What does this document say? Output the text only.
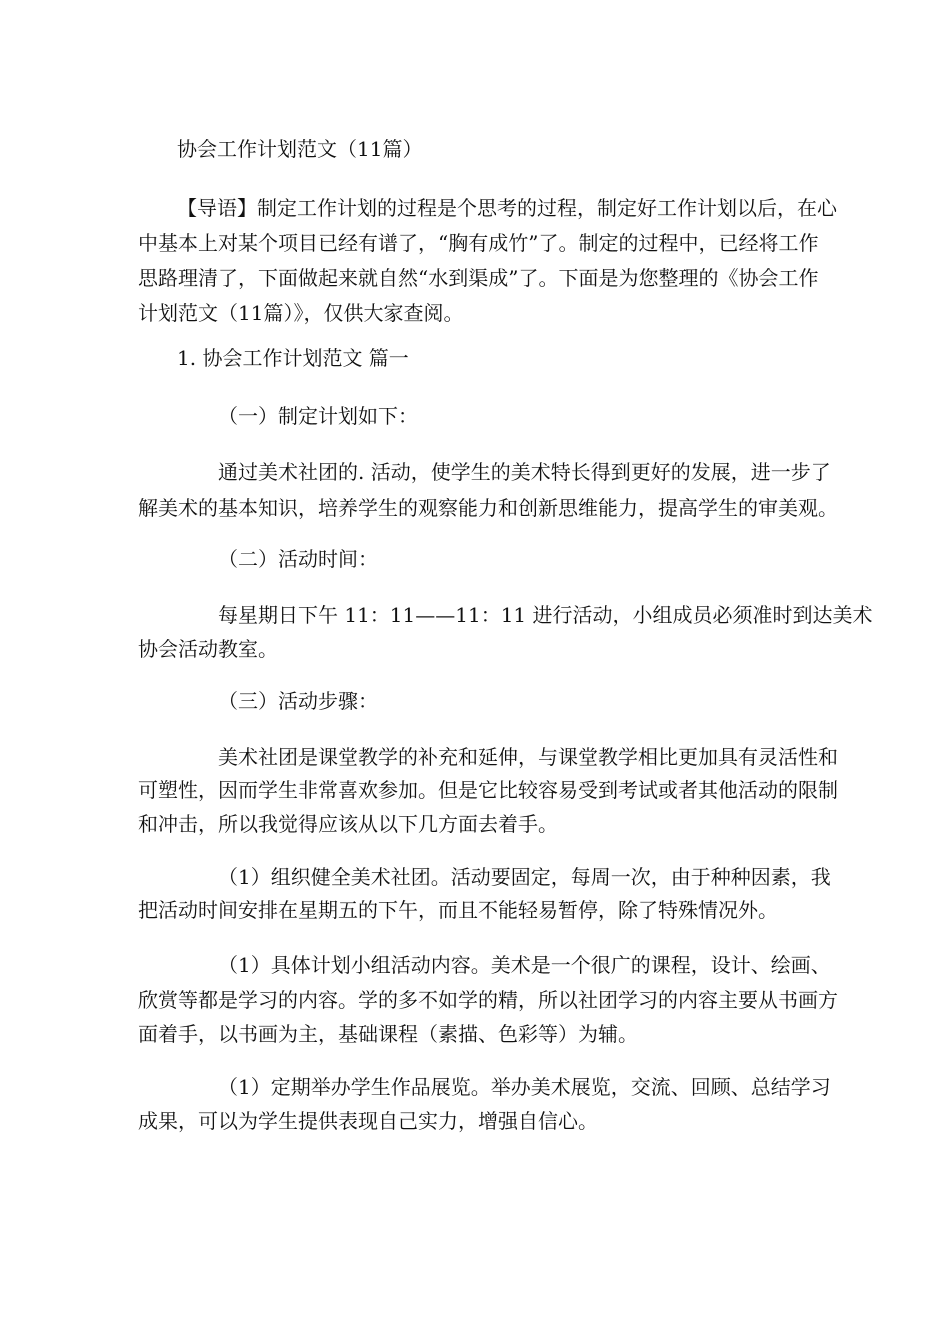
协会工作计划范文（11篇）
【导语】制定工作计划的过程是个思考的过程，制定好工作计划以后，在心
中基本上对某个项目已经有谱了，“胸有成竹”了。制定的过程中，已经将工作
思路理清了，下面做起来就自然“水到渠成”了。下面是为您整理的《协会工作
计划范文（11篇）》，仅供大家查阅。
1. 协会工作计划范文 篇一
（一）制定计划如下：
通过美术社团的. 活动，使学生的美术特长得到更好的发展，进一步了
解美术的基本知识，培养学生的观察能力和创新思维能力，提高学生的审美观。
（二）活动时间：
每星期日下午 11：11——11：11 进行活动，小组成员必须准时到达美术
协会活动教室。
（三）活动步骤：
美术社团是课堂教学的补充和延伸，与课堂教学相比更加具有灵活性和
可塑性，因而学生非常喜欢参加。但是它比较容易受到考试或者其他活动的限制
和冲击，所以我觉得应该从以下几方面去着手。
（1）组织健全美术社团。活动要固定，每周一次，由于种种因素，我
把活动时间安排在星期五的下午，而且不能轻易暂停，除了特殊情况外。
（1）具体计划小组活动内容。美术是一个很广的课程，设计、绘画、
欣赏等都是学习的内容。学的多不如学的精，所以社团学习的内容主要从书画方
面着手，以书画为主，基础课程（素描、色彩等）为辅。
（1）定期举办学生作品展览。举办美术展览，交流、回顾、总结学习
成果，可以为学生提供表现自己实力，增强自信心。
